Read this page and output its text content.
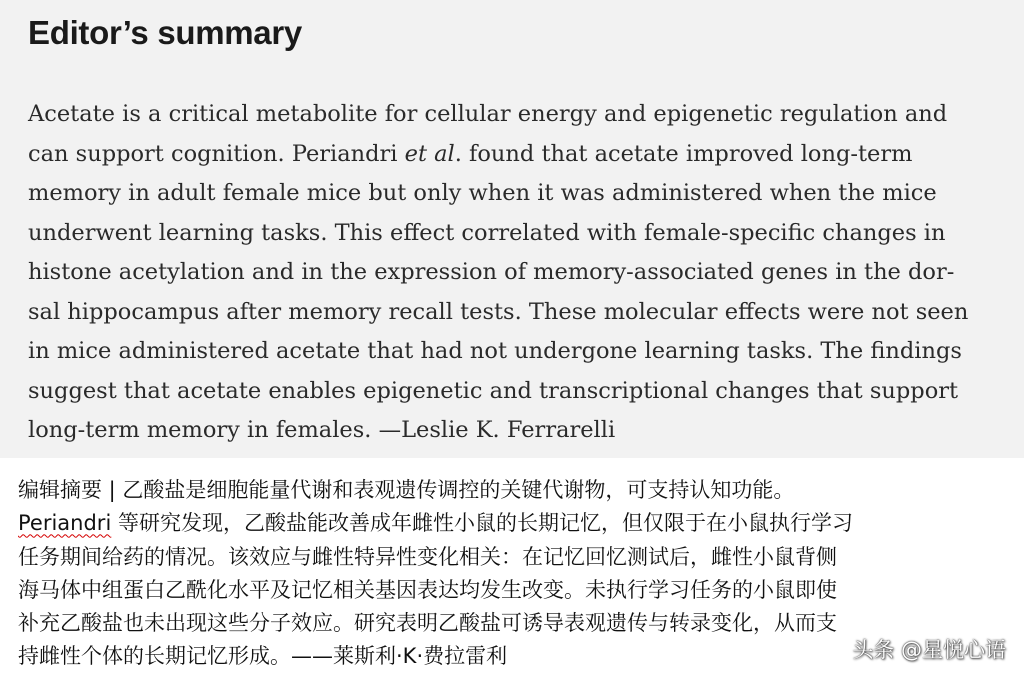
Editor’s summary
Acetate is a critical metabolite for cellular energy and epigenetic regulation and
can support cognition. Periandri et al. found that acetate improved long-term
memory in adult female mice but only when it was administered when the mice
underwent learning tasks. This effect correlated with female-specific changes in
histone acetylation and in the expression of memory-associated genes in the dor-
sal hippocampus after memory recall tests. These molecular effects were not seen
in mice administered acetate that had not undergone learning tasks. The findings
suggest that acetate enables epigenetic and transcriptional changes that support
long-term memory in females. —Leslie K. Ferrarelli
编辑摘要 | 乙酸盐是细胞能量代谢和表观遗传调控的关键代谢物，可支持认知功能。
Periandri 等研究发现，乙酸盐能改善成年雌性小鼠的长期记忆，但仅限于在小鼠执行学习
任务期间给药的情况。该效应与雌性特异性变化相关：在记忆回忆测试后，雌性小鼠背侧
海马体中组蛋白乙酰化水平及记忆相关基因表达均发生改变。未执行学习任务的小鼠即使
补充乙酸盐也未出现这些分子效应。研究表明乙酸盐可诱导表观遗传与转录变化，从而支
持雌性个体的长期记忆形成。——莱斯利·K·费拉雷利	头条 @星悦心语
